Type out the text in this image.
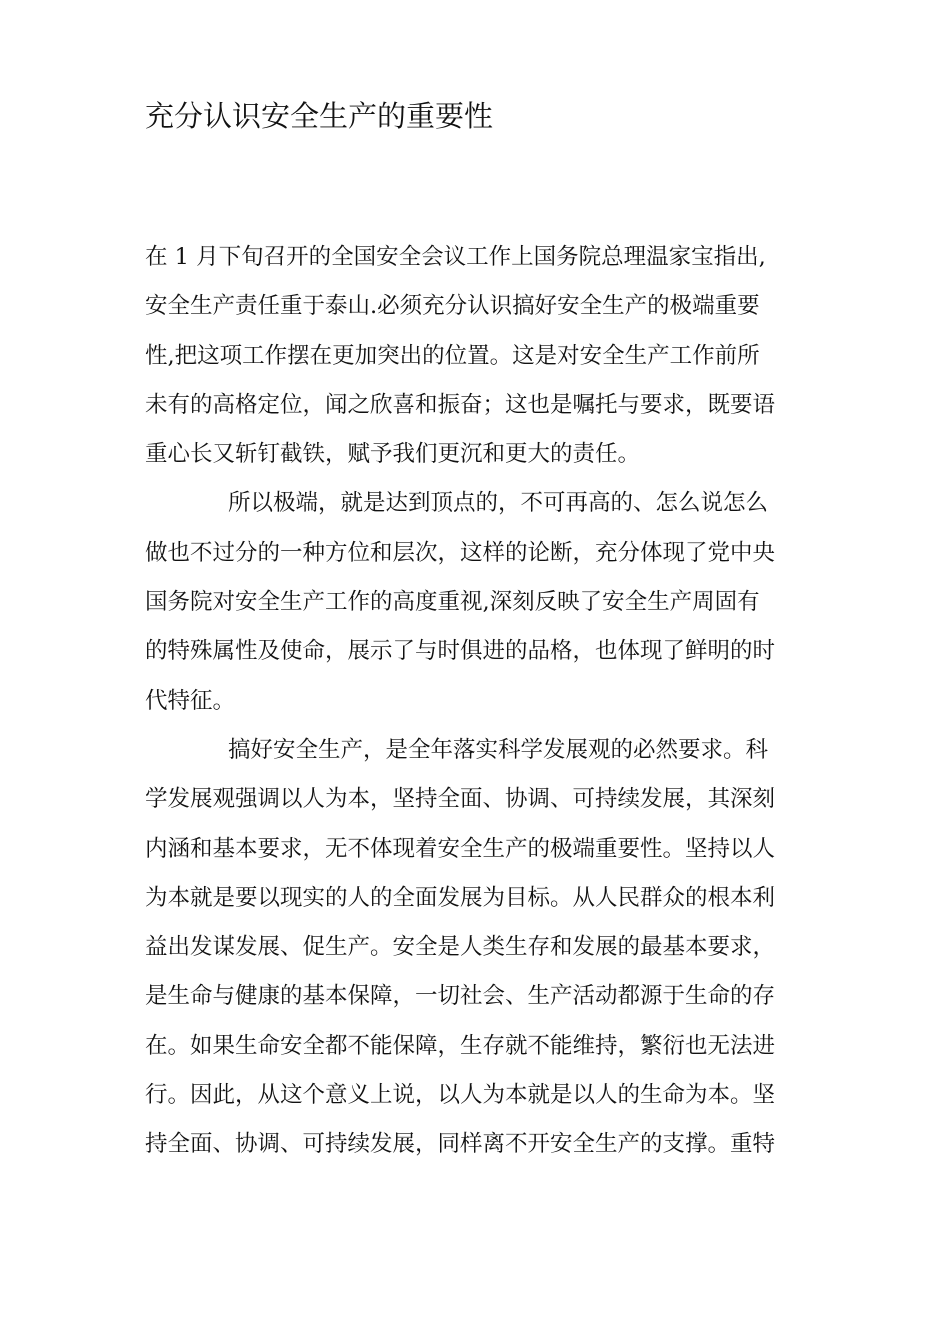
充分认识安全生产的重要性

在 1 月下旬召开的全国安全会议工作上国务院总理温家宝指出,
安全生产责任重于泰山.必须充分认识搞好安全生产的极端重要
性,把这项工作摆在更加突出的位置。这是对安全生产工作前所
未有的高格定位，闻之欣喜和振奋；这也是嘱托与要求，既要语
重心长又斩钉截铁，赋予我们更沉和更大的责任。

所以极端，就是达到顶点的，不可再高的、怎么说怎么
做也不过分的一种方位和层次，这样的论断，充分体现了党中央
国务院对安全生产工作的高度重视,深刻反映了安全生产周固有
的特殊属性及使命，展示了与时俱进的品格，也体现了鲜明的时
代特征。

搞好安全生产，是全年落实科学发展观的必然要求。科
学发展观强调以人为本，坚持全面、协调、可持续发展，其深刻
内涵和基本要求，无不体现着安全生产的极端重要性。坚持以人
为本就是要以现实的人的全面发展为目标。从人民群众的根本利
益出发谋发展、促生产。安全是人类生存和发展的最基本要求，
是生命与健康的基本保障，一切社会、生产活动都源于生命的存
在。如果生命安全都不能保障，生存就不能维持，繁衍也无法进
行。因此，从这个意义上说，以人为本就是以人的生命为本。坚
持全面、协调、可持续发展，同样离不开安全生产的支撑。重特
